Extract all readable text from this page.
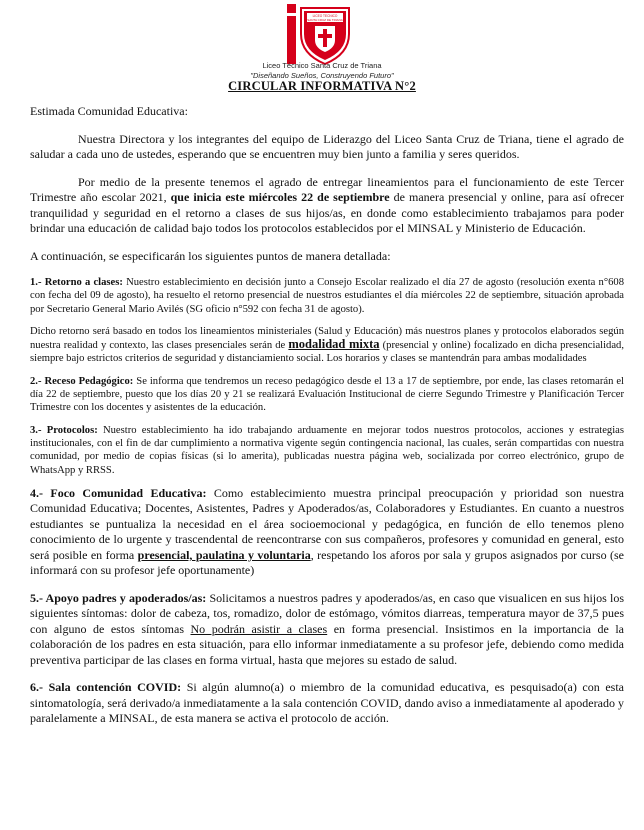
LICEO TECNICO
SANTA CRUZ DE TRIANA
Liceo Técnico Santa Cruz de Triana
"Diseñando Sueños, Construyendo Futuro"
CIRCULAR INFORMATIVA N°2

Estimada Comunidad Educativa:

Nuestra Directora y los integrantes del equipo de Liderazgo del Liceo Santa Cruz de Triana, tiene el agrado de saludar a cada uno de ustedes, esperando que se encuentren muy bien junto a familia y seres queridos.

Por medio de la presente tenemos el agrado de entregar lineamientos para el funcionamiento de este Tercer Trimestre año escolar 2021, que inicia este miércoles 22 de septiembre de manera presencial y online, para así ofrecer tranquilidad y seguridad en el retorno a clases de sus hijos/as, en donde como establecimiento trabajamos para poder brindar una educación de calidad bajo todos los protocolos establecidos por el MINSAL y Ministerio de Educación.

A continuación, se especificarán los siguientes puntos de manera detallada:

1.- Retorno a clases: Nuestro establecimiento en decisión junto a Consejo Escolar realizado el día 27 de agosto (resolución exenta n°608 con fecha del 09 de agosto), ha resuelto el retorno presencial de nuestros estudiantes el día miércoles 22 de septiembre, situación aprobada por Secretario General Mario Avilés (SG oficio n°592 con fecha 31 de agosto).

Dicho retorno será basado en todos los lineamientos ministeriales (Salud y Educación) más nuestros planes y protocolos elaborados según nuestra realidad y contexto, las clases presenciales serán de modalidad mixta (presencial y online) focalizado en dicha presencialidad, siempre bajo estrictos criterios de seguridad y distanciamiento social. Los horarios y clases se mantendrán para ambas modalidades

2.- Receso Pedagógico: Se informa que tendremos un receso pedagógico desde el 13 a 17 de septiembre, por ende, las clases retomarán el día 22 de septiembre, puesto que los días 20 y 21 se realizará Evaluación Institucional de cierre Segundo Trimestre y Planificación Tercer Trimestre con los docentes y asistentes de la educación.

3.- Protocolos: Nuestro establecimiento ha ido trabajando arduamente en mejorar todos nuestros protocolos, acciones y estrategias institucionales, con el fin de dar cumplimiento a normativa vigente según contingencia nacional, las cuales, serán compartidas con nuestra comunidad, por medio de copias físicas (si lo amerita), publicadas nuestra página web, socializada por correo electrónico, grupo de WhatsApp y RRSS.

4.- Foco Comunidad Educativa: Como establecimiento muestra principal preocupación y prioridad son nuestra Comunidad Educativa; Docentes, Asistentes, Padres y Apoderados/as, Colaboradores y Estudiantes. En cuanto a nuestros estudiantes se puntualiza la necesidad en el área socioemocional y pedagógica, en función de ello tenemos pleno conocimiento de lo urgente y trascendental de reencontrarse con sus compañeros, profesores y comunidad en general, esto será posible en forma presencial, paulatina y voluntaria, respetando los aforos por sala y grupos asignados por curso (se informará con su profesor jefe oportunamente)

5.- Apoyo padres y apoderados/as: Solicitamos a nuestros padres y apoderados/as, en caso que visualicen en sus hijos los siguientes síntomas: dolor de cabeza, tos, romadizo, dolor de estómago, vómitos diarreas, temperatura mayor de 37,5 pues con alguno de estos síntomas No podrán asistir a clases en forma presencial. Insistimos en la importancia de la colaboración de los padres en esta situación, para ello informar inmediatamente a su profesor jefe, debiendo como medida preventiva participar de las clases en forma virtual, hasta que mejores su estado de salud.

6.- Sala contención COVID: Si algún alumno(a) o miembro de la comunidad educativa, es pesquisado(a) con esta sintomatología, será derivado/a inmediatamente a la sala contención COVID, dando aviso a inmediatamente al apoderado y paralelamente a MINSAL, de esta manera se activa el protocolo de acción.
